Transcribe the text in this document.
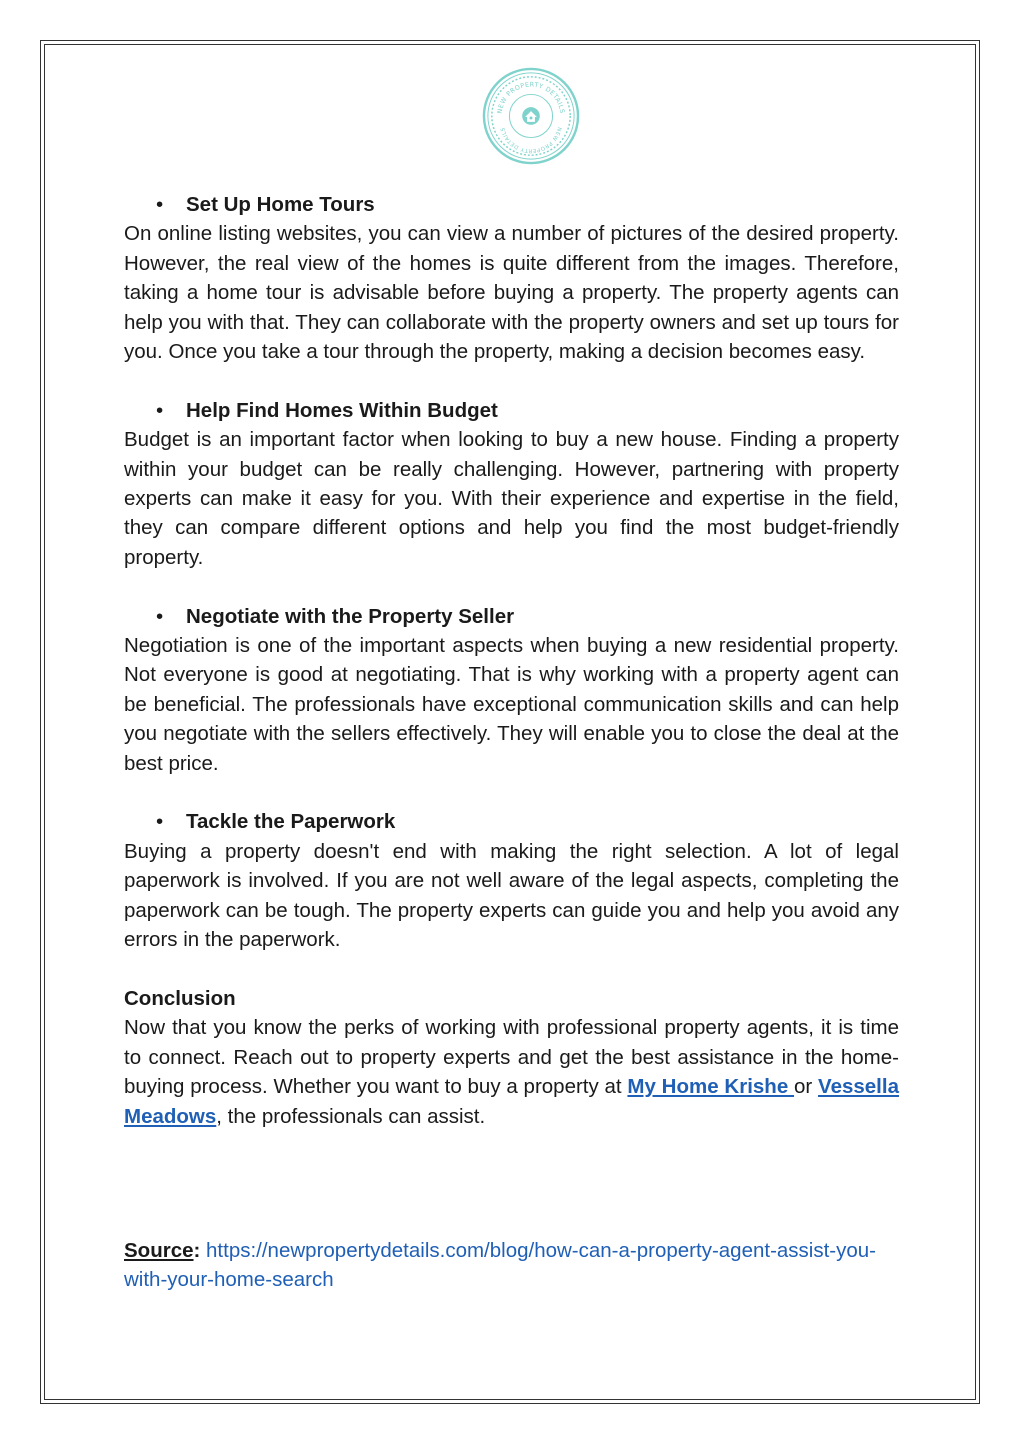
NEW PROPERTY DETAILS
NEW PROPERTY DETAILS

• Set Up Home Tours

On online listing websites, you can view a number of pictures of the desired property. However, the real view of the homes is quite different from the images. Therefore, taking a home tour is advisable before buying a property. The property agents can help you with that. They can collaborate with the property owners and set up tours for you. Once you take a tour through the property, making a decision becomes easy.

• Help Find Homes Within Budget

Budget is an important factor when looking to buy a new house. Finding a property within your budget can be really challenging. However, partnering with property experts can make it easy for you. With their experience and expertise in the field, they can compare different options and help you find the most budget-friendly property.

• Negotiate with the Property Seller

Negotiation is one of the important aspects when buying a new residential property. Not everyone is good at negotiating. That is why working with a property agent can be beneficial. The professionals have exceptional communication skills and can help you negotiate with the sellers effectively. They will enable you to close the deal at the best price.

• Tackle the Paperwork

Buying a property doesn't end with making the right selection. A lot of legal paperwork is involved. If you are not well aware of the legal aspects, completing the paperwork can be tough. The property experts can guide you and help you avoid any errors in the paperwork.

Conclusion

Now that you know the perks of working with professional property agents, it is time to connect. Reach out to property experts and get the best assistance in the home-buying process. Whether you want to buy a property at My Home Krishe or Vessella Meadows, the professionals can assist.

Source: https://newpropertydetails.com/blog/how-can-a-property-agent-assist-you-with-your-home-search
